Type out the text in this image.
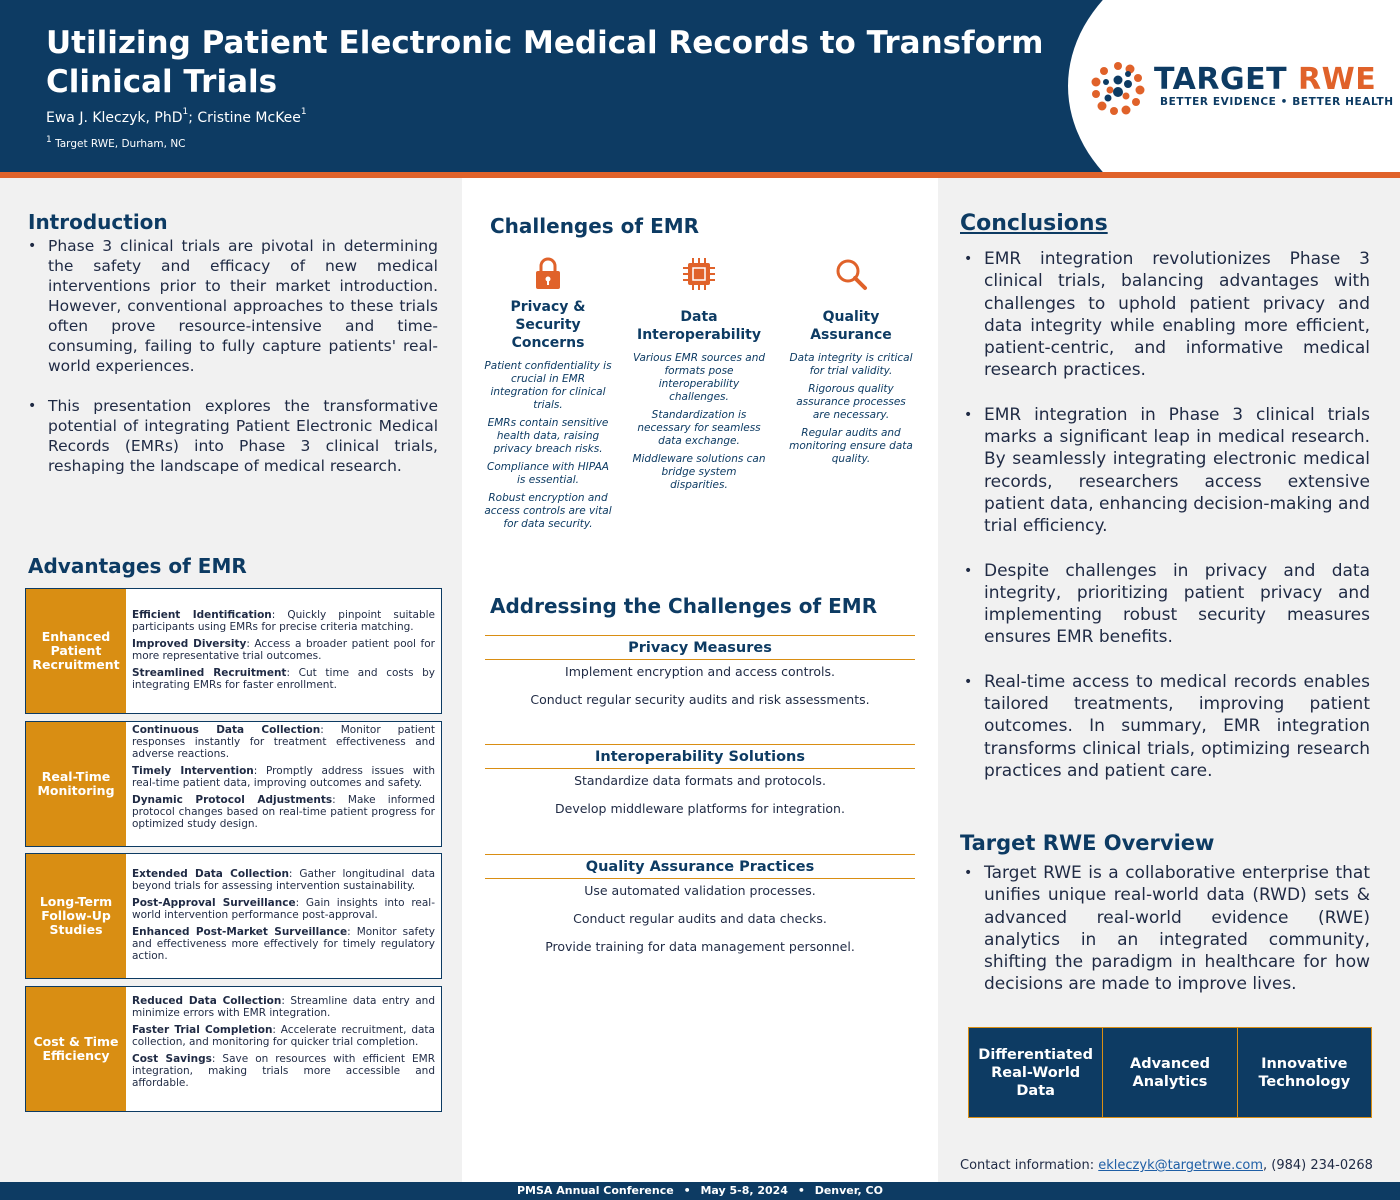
Utilizing Patient Electronic Medical Records to Transform Clinical Trials
Ewa J. Kleczyk, PhD$^1$; Cristine McKee$^1$
$^1$ Target RWE, Durham, NC
TARGET RWE
BETTER EVIDENCE • BETTER HEALTH
Introduction
• Phase 3 clinical trials are pivotal in determining the safety and efficacy of new medical interventions prior to their market introduction. However, conventional approaches to these trials often prove resource-intensive and time-consuming, failing to fully capture patients' real-world experiences.
• This presentation explores the transformative potential of integrating Patient Electronic Medical Records (EMRs) into Phase 3 clinical trials, reshaping the landscape of medical research.
Advantages of EMR
Enhanced Patient Recruitment

Efficient Identification: Quickly pinpoint suitable participants using EMRs for precise criteria matching.

Improved Diversity: Access a broader patient pool for more representative trial outcomes.

Streamlined Recruitment: Cut time and costs by integrating EMRs for faster enrollment.

Real-Time Monitoring

Continuous Data Collection: Monitor patient responses instantly for treatment effectiveness and adverse reactions.

Timely Intervention: Promptly address issues with real-time patient data, improving outcomes and safety.

Dynamic Protocol Adjustments: Make informed protocol changes based on real-time patient progress for optimized study design.

Long-Term Follow-Up Studies

Extended Data Collection: Gather longitudinal data beyond trials for assessing intervention sustainability.

Post-Approval Surveillance: Gain insights into real-world intervention performance post-approval.

Enhanced Post-Market Surveillance: Monitor safety and effectiveness more effectively for timely regulatory action.

Cost & Time Efficiency

Reduced Data Collection: Streamline data entry and minimize errors with EMR integration.

Faster Trial Completion: Accelerate recruitment, data collection, and monitoring for quicker trial completion.

Cost Savings: Save on resources with efficient EMR integration, making trials more accessible and affordable.

Challenges of EMR
Privacy & Security Concerns

Patient confidentiality is crucial in EMR integration for clinical trials.

EMRs contain sensitive health data, raising privacy breach risks.

Compliance with HIPAA is essential.

Robust encryption and access controls are vital for data security.

Data Interoperability

Various EMR sources and formats pose interoperability challenges.

Standardization is necessary for seamless data exchange.

Middleware solutions can bridge system disparities.

Quality Assurance

Data integrity is critical for trial validity.

Rigorous quality assurance processes are necessary.

Regular audits and monitoring ensure data quality.

Addressing the Challenges of EMR
Privacy Measures

Implement encryption and access controls.

Conduct regular security audits and risk assessments.

Interoperability Solutions

Standardize data formats and protocols.

Develop middleware platforms for integration.

Quality Assurance Practices

Use automated validation processes.

Conduct regular audits and data checks.

Provide training for data management personnel.

Conclusions
• EMR integration revolutionizes Phase 3 clinical trials, balancing advantages with challenges to uphold patient privacy and data integrity while enabling more efficient, patient-centric, and informative medical research practices.
• EMR integration in Phase 3 clinical trials marks a significant leap in medical research. By seamlessly integrating electronic medical records, researchers access extensive patient data, enhancing decision-making and trial efficiency.
• Despite challenges in privacy and data integrity, prioritizing patient privacy and implementing robust security measures ensures EMR benefits.
• Real-time access to medical records enables tailored treatments, improving patient outcomes. In summary, EMR integration transforms clinical trials, optimizing research practices and patient care.
Target RWE Overview
• Target RWE is a collaborative enterprise that unifies unique real-world data (RWD) sets & advanced real-world evidence (RWE) analytics in an integrated community, shifting the paradigm in healthcare for how decisions are made to improve lives.
Differentiated Real-World Data
Advanced Analytics
Innovative Technology
Contact information: ekleczyk@targetrwe.com, (984) 234-0268
PMSA Annual Conference • May 5-8, 2024 • Denver, CO
